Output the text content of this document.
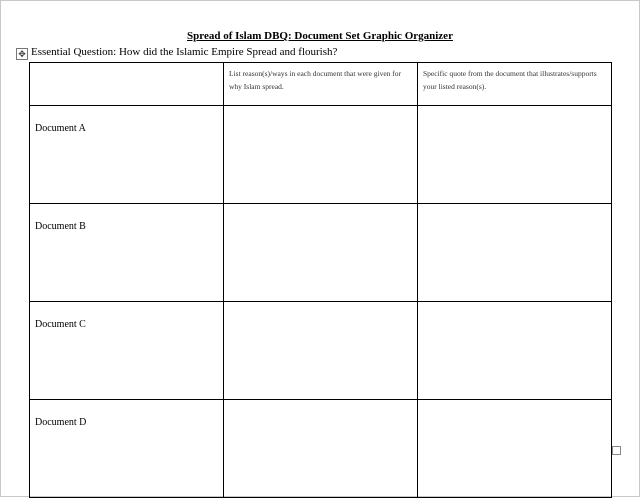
Spread of Islam DBQ: Document Set Graphic Organizer
✥ Essential Question: How did the Islamic Empire Spread and flourish?
	List reason(s)/ways in each document that were given for why Islam spread.	Specific quote from the document that illustrates/supports your listed reason(s).
Document A		
Document B		
Document C		
Document D		
